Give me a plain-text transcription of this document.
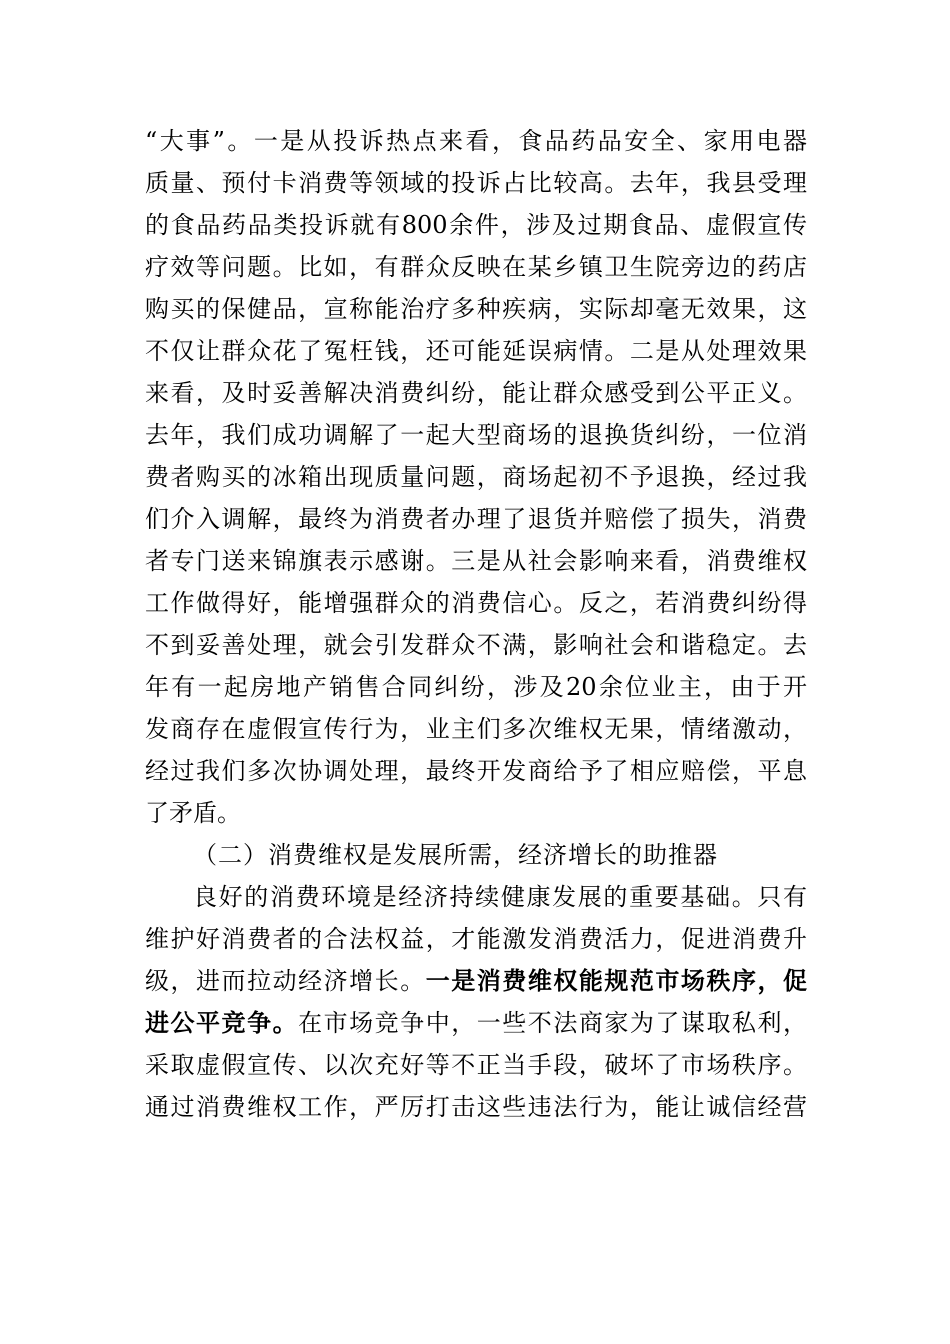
“大事”。一是从投诉热点来看，食品药品安全、家用电器
质量、预付卡消费等领域的投诉占比较高。去年，我县受理
的食品药品类投诉就有800余件，涉及过期食品、虚假宣传
疗效等问题。比如，有群众反映在某乡镇卫生院旁边的药店
购买的保健品，宣称能治疗多种疾病，实际却毫无效果，这
不仅让群众花了冤枉钱，还可能延误病情。二是从处理效果
来看，及时妥善解决消费纠纷，能让群众感受到公平正义。
去年，我们成功调解了一起大型商场的退换货纠纷，一位消
费者购买的冰箱出现质量问题，商场起初不予退换，经过我
们介入调解，最终为消费者办理了退货并赔偿了损失，消费
者专门送来锦旗表示感谢。三是从社会影响来看，消费维权
工作做得好，能增强群众的消费信心。反之，若消费纠纷得
不到妥善处理，就会引发群众不满，影响社会和谐稳定。去
年有一起房地产销售合同纠纷，涉及20余位业主，由于开
发商存在虚假宣传行为，业主们多次维权无果，情绪激动，
经过我们多次协调处理，最终开发商给予了相应赔偿，平息
了矛盾。
（二）消费维权是发展所需，经济增长的助推器
良好的消费环境是经济持续健康发展的重要基础。只有
维护好消费者的合法权益，才能激发消费活力，促进消费升
级，进而拉动经济增长。一是消费维权能规范市场秩序，促
进公平竞争。在市场竞争中，一些不法商家为了谋取私利，
采取虚假宣传、以次充好等不正当手段，破坏了市场秩序。
通过消费维权工作，严厉打击这些违法行为，能让诚信经营
